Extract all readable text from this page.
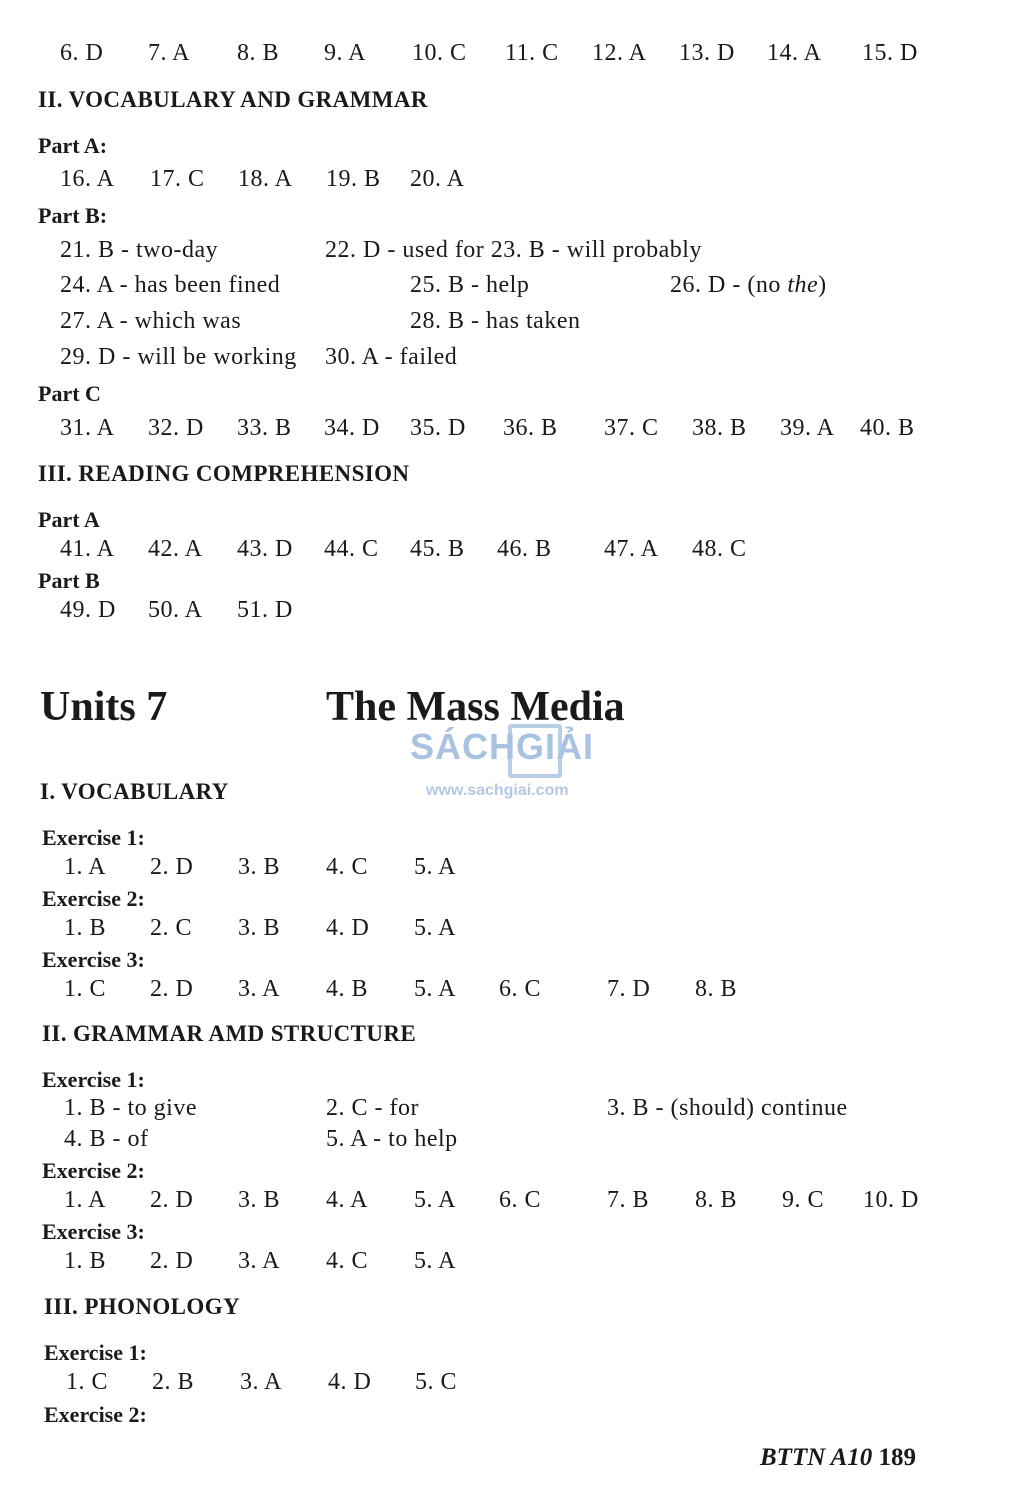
6. D 7. A 8. B 9. A 10. C 11. C 12. A 13. D 14. A 15. D
II. VOCABULARY AND GRAMMAR
Part A:
16. A 17. C 18. A 19. B 20. A
Part B:
21. B - two-day	22. D - used for 23. B - will probably
24. A - has been fined	25. B - help	26. D - (no the)
27. A - which was	28. B - has taken
29. D - will be working 30. A - failed
Part C
31. A 32. D 33. B 34. D 35. D 36. B 37. C 38. B 39. A 40. B
III. READING COMPREHENSION
Part A
41. A 42. A 43. D 44. C 45. B 46. B 47. A 48. C
Part B
49. D 50. A 51. D
Units 7	The Mass Media
SÁCHGIẢI
www.sachgiai.com
I. VOCABULARY
Exercise 1:
1. A 2. D 3. B 4. C 5. A
Exercise 2:
1. B 2. C 3. B 4. D 5. A
Exercise 3:
1. C 2. D 3. A 4. B 5. A 6. C	7. D 8. B
II. GRAMMAR AMD STRUCTURE
Exercise 1:
1. B - to give	2. C - for	3. B - (should) continue
4. B - of	5. A - to help
Exercise 2:
1. A 2. D 3. B 4. A 5. A 6. C	7. B 8. B 9. C 10. D
Exercise 3:
1. B 2. D 3. A 4. C 5. A
III. PHONOLOGY
Exercise 1:
1. C 2. B 3. A 4. D 5. C
Exercise 2:
BTTN A10 189
